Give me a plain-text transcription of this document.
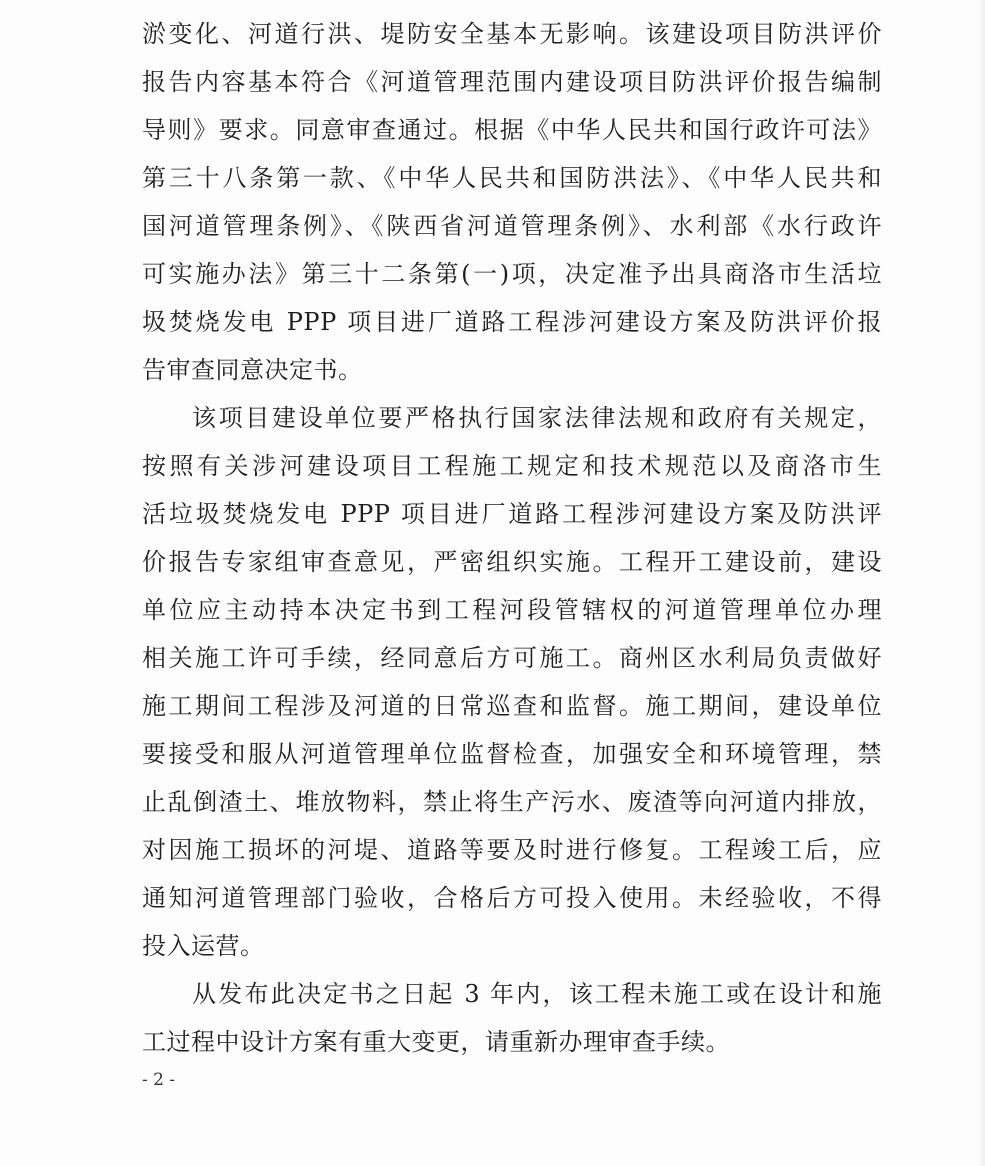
淤变化、河道行洪、堤防安全基本无影响。该建设项目防洪评价
报告内容基本符合《河道管理范围内建设项目防洪评价报告编制
导则》要求。同意审查通过。根据《中华人民共和国行政许可法》
第三十八条第一款、《中华人民共和国防洪法》、《中华人民共和
国河道管理条例》、《陕西省河道管理条例》、水利部《水行政许
可实施办法》第三十二条第(一)项，决定准予出具商洛市生活垃
圾焚烧发电 PPP 项目进厂道路工程涉河建设方案及防洪评价报
告审查同意决定书。
该项目建设单位要严格执行国家法律法规和政府有关规定，
按照有关涉河建设项目工程施工规定和技术规范以及商洛市生
活垃圾焚烧发电 PPP 项目进厂道路工程涉河建设方案及防洪评
价报告专家组审查意见，严密组织实施。工程开工建设前，建设
单位应主动持本决定书到工程河段管辖权的河道管理单位办理
相关施工许可手续，经同意后方可施工。商州区水利局负责做好
施工期间工程涉及河道的日常巡查和监督。施工期间，建设单位
要接受和服从河道管理单位监督检查，加强安全和环境管理，禁
止乱倒渣土、堆放物料，禁止将生产污水、废渣等向河道内排放，
对因施工损坏的河堤、道路等要及时进行修复。工程竣工后，应
通知河道管理部门验收，合格后方可投入使用。未经验收，不得
投入运营。
从发布此决定书之日起 3 年内，该工程未施工或在设计和施
工过程中设计方案有重大变更，请重新办理审查手续。
- 2 -
